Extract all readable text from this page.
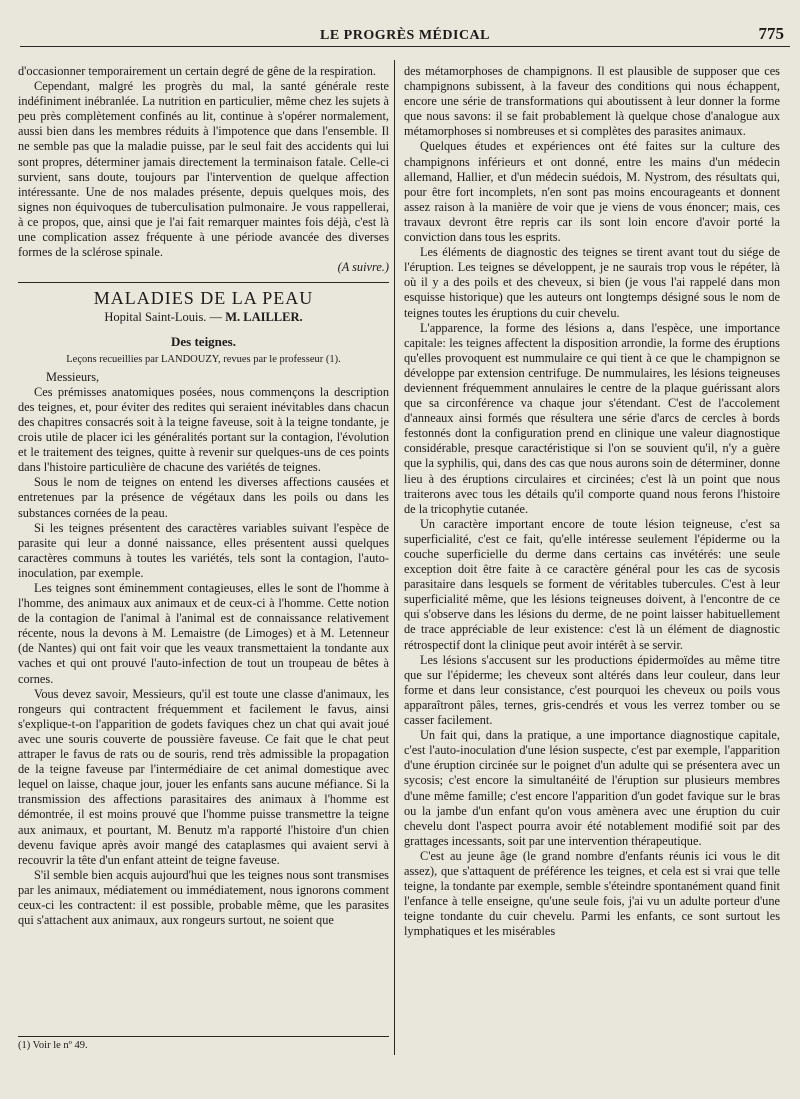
LE PROGRÈS MÉDICAL	775

d'occasionner temporairement un certain degré de gêne de la respiration.

Cependant, malgré les progrès du mal, la santé générale reste indéfiniment inébranlée. La nutrition en particulier, même chez les sujets à peu près complètement confinés au lit, continue à s'opérer normalement, aussi bien dans les membres réduits à l'impotence que dans l'ensemble. Il ne semble pas que la maladie puisse, par le seul fait des accidents qui lui sont propres, déterminer jamais directement la terminaison fatale. Celle-ci survient, sans doute, toujours par l'intervention de quelque affection intéressante. Une de nos malades présente, depuis quelques mois, des signes non équivoques de tuberculisation pulmonaire. Je vous rappellerai, à ce propos, que, ainsi que je l'ai fait remarquer maintes fois déjà, c'est là une complication assez fréquente à une période avancée des diverses formes de la sclérose spinale.

(A suivre.)

MALADIES DE LA PEAU
Hopital Saint-Louis. — M. LAILLER.
Des teignes.
Leçons recueillies par LANDOUZY, revues par le professeur (1).

Messieurs,

Ces prémisses anatomiques posées, nous commençons la description des teignes, et, pour éviter des redites qui seraient inévitables dans chacun des chapitres consacrés soit à la teigne faveuse, soit à la teigne tondante, je crois utile de placer ici les généralités portant sur la contagion, l'évolution et le traitement des teignes, quitte à revenir sur quelques-uns de ces points dans l'histoire particulière de chacune des variétés de teignes.

Sous le nom de teignes on entend les diverses affections causées et entretenues par la présence de végétaux dans les poils ou dans les substances cornées de la peau.

Si les teignes présentent des caractères variables suivant l'espèce de parasite qui leur a donné naissance, elles présentent aussi quelques caractères communs à toutes les variétés, tels sont la contagion, l'auto-inoculation, par exemple.

Les teignes sont éminemment contagieuses, elles le sont de l'homme à l'homme, des animaux aux animaux et de ceux-ci à l'homme. Cette notion de la contagion de l'animal à l'animal est de connaissance relativement récente, nous la devons à M. Lemaistre (de Limoges) et à M. Letenneur (de Nantes) qui ont fait voir que les veaux transmettaient la tondante aux vaches et qui ont prouvé l'auto-infection de tout un troupeau de bêtes à cornes.

Vous devez savoir, Messieurs, qu'il est toute une classe d'animaux, les rongeurs qui contractent fréquemment et facilement le favus, ainsi s'explique-t-on l'apparition de godets faviques chez un chat qui avait joué avec une souris couverte de poussière faveuse. Ce fait que le chat peut attraper le favus de rats ou de souris, rend très admissible la propagation de la teigne faveuse par l'intermédiaire de cet animal domestique avec lequel on laisse, chaque jour, jouer les enfants sans aucune méfiance. Si la transmission des affections parasitaires des animaux à l'homme est démontrée, il est moins prouvé que l'homme puisse transmettre la teigne aux animaux, et pourtant, M. Benutz m'a rapporté l'histoire d'un chien devenu favique après avoir mangé des cataplasmes qui avaient servi à recouvrir la tête d'un enfant atteint de teigne faveuse.

S'il semble bien acquis aujourd'hui que les teignes nous sont transmises par les animaux, médiatement ou immédiatement, nous ignorons comment ceux-ci les contractent: il est possible, probable même, que les parasites qui s'attachent aux animaux, aux rongeurs surtout, ne soient que

(1) Voir le nº 49.

des métamorphoses de champignons. Il est plausible de supposer que ces champignons subissent, à la faveur des conditions qui nous échappent, encore une série de transformations qui aboutissent à leur donner la forme que nous savons: il se fait probablement là quelque chose d'analogue aux métamorphoses si nombreuses et si complètes des parasites animaux.

Quelques études et expériences ont été faites sur la culture des champignons inférieurs et ont donné, entre les mains d'un médecin allemand, Hallier, et d'un médecin suédois, M. Nystrom, des résultats qui, pour être fort incomplets, n'en sont pas moins encourageants et donnent assez raison à la manière de voir que je viens de vous énoncer; mais, ces travaux devront être repris car ils sont loin encore d'avoir porté la conviction dans tous les esprits.

Les éléments de diagnostic des teignes se tirent avant tout du siége de l'éruption. Les teignes se développent, je ne saurais trop vous le répéter, là où il y a des poils et des cheveux, si bien (je vous l'ai rappelé dans mon esquisse historique) que les auteurs ont longtemps désigné sous le nom de teignes toutes les éruptions du cuir chevelu.

L'apparence, la forme des lésions a, dans l'espèce, une importance capitale: les teignes affectent la disposition arrondie, la forme des éruptions qu'elles provoquent est nummulaire ce qui tient à ce que le champignon se développe par extension centrifuge. De nummulaires, les lésions teigneuses deviennent fréquemment annulaires le centre de la plaque guérissant alors que sa circonférence va chaque jour s'étendant. C'est de l'accolement d'anneaux ainsi formés que résultera une série d'arcs de cercles à bords festonnés dont la configuration prend en clinique une valeur diagnostique considérable, presque caractéristique si l'on se souvient qu'il, n'y a guère que la syphilis, qui, dans des cas que nous aurons soin de déterminer, donne lieu à des éruptions circulaires et circinées; c'est là un point que nous traiterons avec tous les détails qu'il comporte quand nous ferons l'histoire de la tricophytie cutanée.

Un caractère important encore de toute lésion teigneuse, c'est sa superficialité, c'est ce fait, qu'elle intéresse seulement l'épiderme ou la couche superficielle du derme dans certains cas invétérés: une seule exception doit être faite à ce caractère général pour les cas de sycosis parasitaire dans lesquels se forment de véritables tubercules. C'est à leur superficialité même, que les lésions teigneuses doivent, à l'encontre de ce qui s'observe dans les lésions du derme, de ne point laisser habituellement de trace appréciable de leur existence: c'est là un élément de diagnostic rétrospectif dont la clinique peut avoir intérêt à se servir.

Les lésions s'accusent sur les productions épidermoïdes au même titre que sur l'épiderme; les cheveux sont altérés dans leur couleur, dans leur forme et dans leur consistance, c'est pourquoi les cheveux ou poils vous apparaîtront pâles, ternes, gris-cendrés et vous les verrez tomber ou se casser facilement.

Un fait qui, dans la pratique, a une importance diagnostique capitale, c'est l'auto-inoculation d'une lésion suspecte, c'est par exemple, l'apparition d'une éruption circinée sur le poignet d'un adulte qui se présentera avec un sycosis; c'est encore la simultanéité de l'éruption sur plusieurs membres d'une même famille; c'est encore l'apparition d'un godet favique sur le bras ou la jambe d'un enfant qu'on vous amènera avec une éruption du cuir chevelu dont l'aspect pourra avoir été notablement modifié soit par des grattages incessants, soit par une intervention thérapeutique.

C'est au jeune âge (le grand nombre d'enfants réunis ici vous le dit assez), que s'attaquent de préférence les teignes, et cela est si vrai que telle teigne, la tondante par exemple, semble s'éteindre spontanément quand finit l'enfance à telle enseigne, qu'une seule fois, j'ai vu un adulte porteur d'une teigne tondante du cuir chevelu. Parmi les enfants, ce sont surtout les lymphatiques et les misérables
